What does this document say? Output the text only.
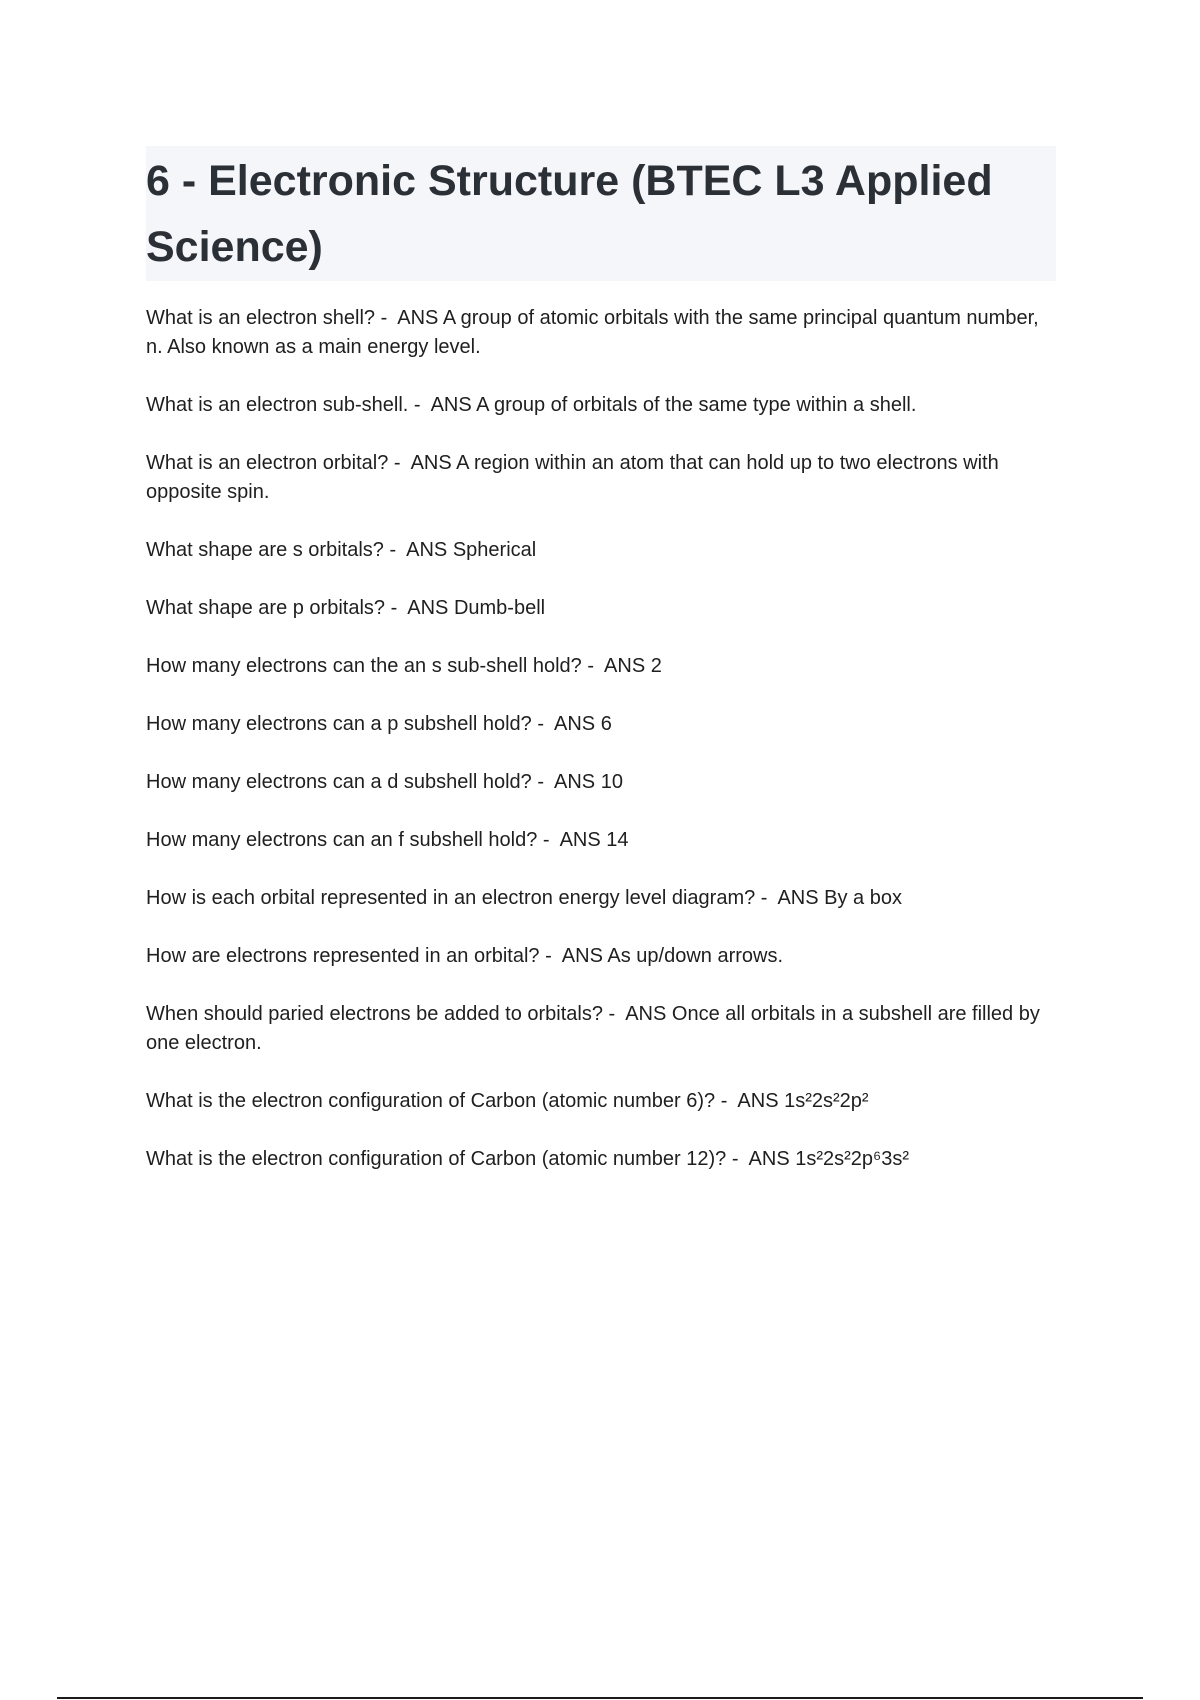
6 - Electronic Structure (BTEC L3 Applied Science)
What is an electron shell? -  ANS A group of atomic orbitals with the same principal quantum number, n. Also known as a main energy level.
What is an electron sub-shell. -  ANS A group of orbitals of the same type within a shell.
What is an electron orbital? -  ANS A region within an atom that can hold up to two electrons with opposite spin.
What shape are s orbitals? -  ANS Spherical
What shape are p orbitals? -  ANS Dumb-bell
How many electrons can the an s sub-shell hold? -  ANS 2
How many electrons can a p subshell hold? -  ANS 6
How many electrons can a d subshell hold? -  ANS 10
How many electrons can an f subshell hold? -  ANS 14
How is each orbital represented in an electron energy level diagram? -  ANS By a box
How are electrons represented in an orbital? -  ANS As up/down arrows.
When should paried electrons be added to orbitals? -  ANS Once all orbitals in a subshell are filled by one electron.
What is the electron configuration of Carbon (atomic number 6)? -  ANS 1s²2s²2p²
What is the electron configuration of Carbon (atomic number 12)? -  ANS 1s²2s²2p⁶3s²
